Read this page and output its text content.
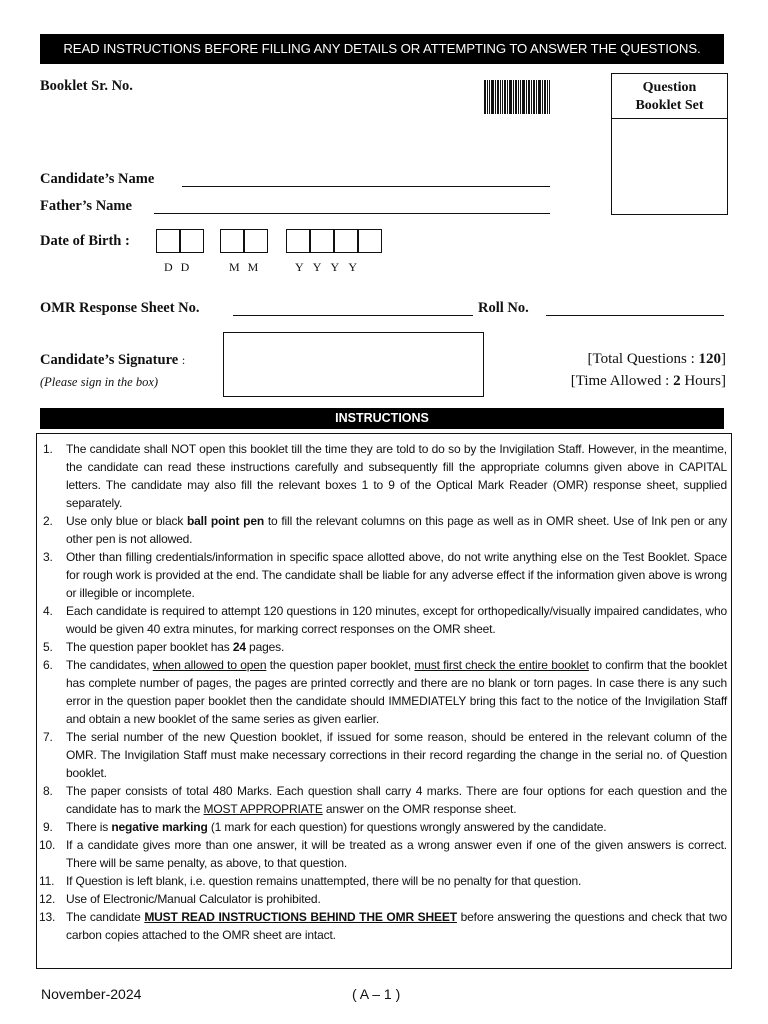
READ INSTRUCTIONS BEFORE FILLING ANY DETAILS OR ATTEMPTING TO ANSWER THE QUESTIONS.
Booklet Sr. No.	Question
Booklet Set
Candidate’s Name
Father’s Name
Date of Birth :
D D	M M	Y Y Y Y
OMR Response Sheet No.	Roll No.
Candidate’s Signature :
(Please sign in the box)
[Total Questions : 120]
[Time Allowed : 2 Hours]
INSTRUCTIONS
1. The candidate shall NOT open this booklet till the time they are told to do so by the Invigilation Staff. However, in the meantime, the candidate can read these instructions carefully and subsequently fill the appropriate columns given above in CAPITAL letters. The candidate may also fill the relevant boxes 1 to 9 of the Optical Mark Reader (OMR) response sheet, supplied separately.
2. Use only blue or black ball point pen to fill the relevant columns on this page as well as in OMR sheet. Use of Ink pen or any other pen is not allowed.
3. Other than filling credentials/information in specific space allotted above, do not write anything else on the Test Booklet. Space for rough work is provided at the end. The candidate shall be liable for any adverse effect if the information given above is wrong or illegible or incomplete.
4. Each candidate is required to attempt 120 questions in 120 minutes, except for orthopedically/visually impaired candidates, who would be given 40 extra minutes, for marking correct responses on the OMR sheet.
5. The question paper booklet has 24 pages.
6. The candidates, when allowed to open the question paper booklet, must first check the entire booklet to confirm that the booklet has complete number of pages, the pages are printed correctly and there are no blank or torn pages. In case there is any such error in the question paper booklet then the candidate should IMMEDIATELY bring this fact to the notice of the Invigilation Staff and obtain a new booklet of the same series as given earlier.
7. The serial number of the new Question booklet, if issued for some reason, should be entered in the relevant column of the OMR. The Invigilation Staff must make necessary corrections in their record regarding the change in the serial no. of Question booklet.
8. The paper consists of total 480 Marks. Each question shall carry 4 marks. There are four options for each question and the candidate has to mark the MOST APPROPRIATE answer on the OMR response sheet.
9. There is negative marking (1 mark for each question) for questions wrongly answered by the candidate.
10. If a candidate gives more than one answer, it will be treated as a wrong answer even if one of the given answers is correct. There will be same penalty, as above, to that question.
11. If Question is left blank, i.e. question remains unattempted, there will be no penalty for that question.
12. Use of Electronic/Manual Calculator is prohibited.
13. The candidate MUST READ INSTRUCTIONS BEHIND THE OMR SHEET before answering the questions and check that two carbon copies attached to the OMR sheet are intact.
November-2024	( A – 1 )
